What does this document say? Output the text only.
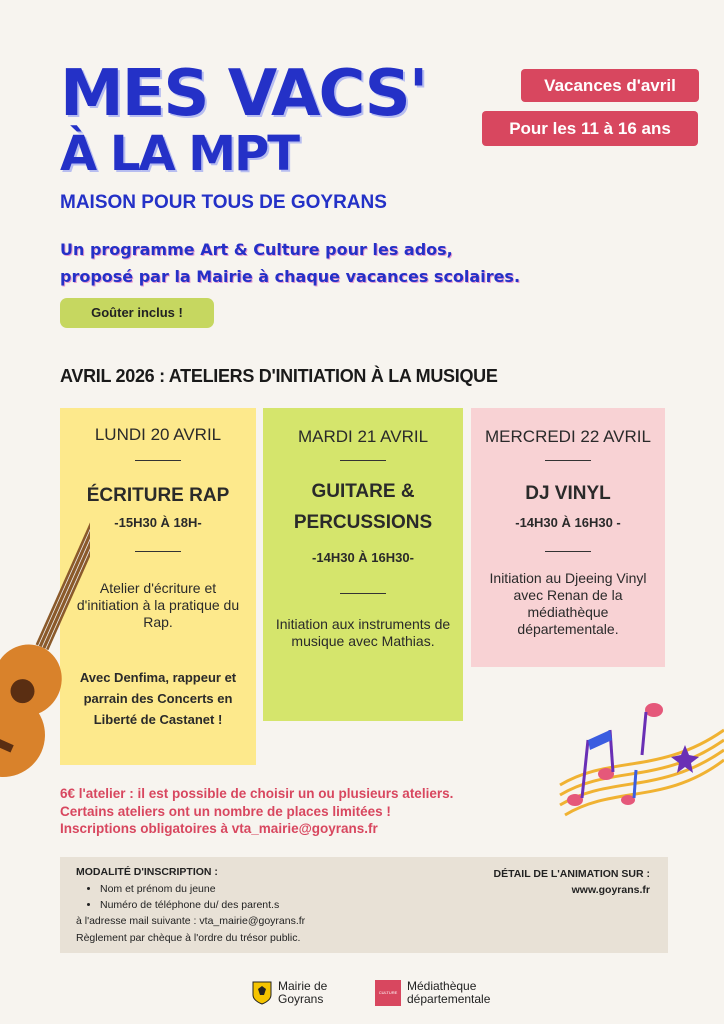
MES VACS'
À LA MPT
MAISON POUR TOUS DE GOYRANS
Vacances d'avril
Pour les 11 à 16 ans
Un programme Art & Culture pour les ados,
proposé par la Mairie à chaque vacances scolaires.
Goûter inclus !
AVRIL 2026 : ATELIERS D'INITIATION À LA MUSIQUE
LUNDI 20 AVRIL
ÉCRITURE RAP
-15H30 À 18H-
Atelier d'écriture et d'initiation à la pratique du Rap.
Avec Denfima, rappeur et parrain des Concerts en Liberté de Castanet !
MARDI 21 AVRIL
GUITARE &
PERCUSSIONS
-14H30 À 16H30-
Initiation aux instruments de musique avec Mathias.
MERCREDI 22 AVRIL
DJ VINYL
-14H30 À 16H30 -
Initiation au Djeeing Vinyl avec Renan de la médiathèque départementale.
6€ l'atelier : il est possible de choisir un ou plusieurs ateliers.
Certains ateliers ont un nombre de places limitées !
Inscriptions obligatoires à vta_mairie@goyrans.fr
MODALITÉ D'INSCRIPTION :
• Nom et prénom du jeune
• Numéro de téléphone du/ des parent.s
à l'adresse mail suivante : vta_mairie@goyrans.fr
Règlement par chèque à l'ordre du trésor public.
DÉTAIL DE L'ANIMATION SUR :
www.goyrans.fr
Mairie de
Goyrans	CULTURE Médiathèque
départementale
